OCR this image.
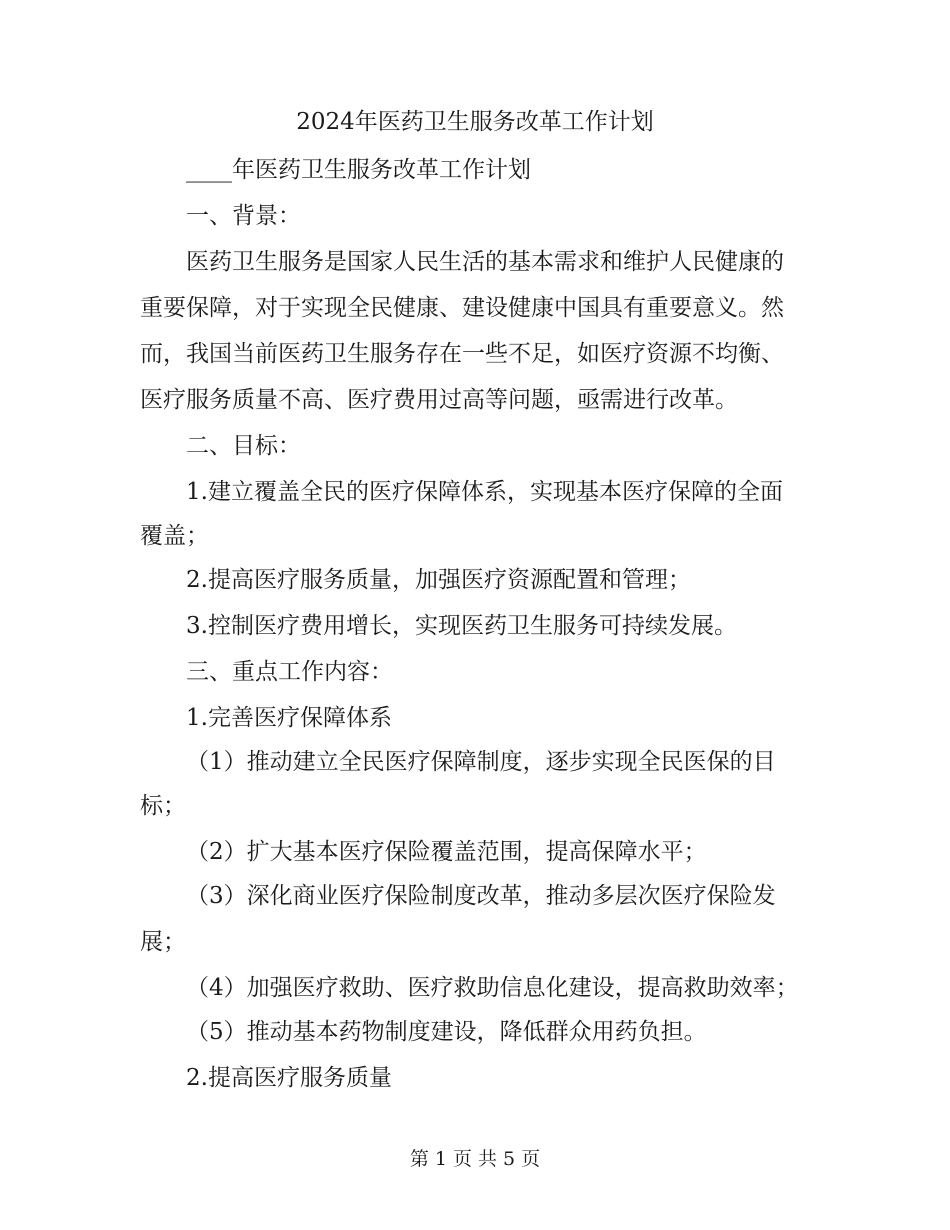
2024年医药卫生服务改革工作计划
____年医药卫生服务改革工作计划
一、背景：
医药卫生服务是国家人民生活的基本需求和维护人民健康的
重要保障，对于实现全民健康、建设健康中国具有重要意义。然
而，我国当前医药卫生服务存在一些不足，如医疗资源不均衡、
医疗服务质量不高、医疗费用过高等问题，亟需进行改革。
二、目标：
1.建立覆盖全民的医疗保障体系，实现基本医疗保障的全面
覆盖；
2.提高医疗服务质量，加强医疗资源配置和管理；
3.控制医疗费用增长，实现医药卫生服务可持续发展。
三、重点工作内容：
1.完善医疗保障体系
（1）推动建立全民医疗保障制度，逐步实现全民医保的目
标；
（2）扩大基本医疗保险覆盖范围，提高保障水平；
（3）深化商业医疗保险制度改革，推动多层次医疗保险发
展；
（4）加强医疗救助、医疗救助信息化建设，提高救助效率；
（5）推动基本药物制度建设，降低群众用药负担。
2.提高医疗服务质量
第 1 页 共 5 页
